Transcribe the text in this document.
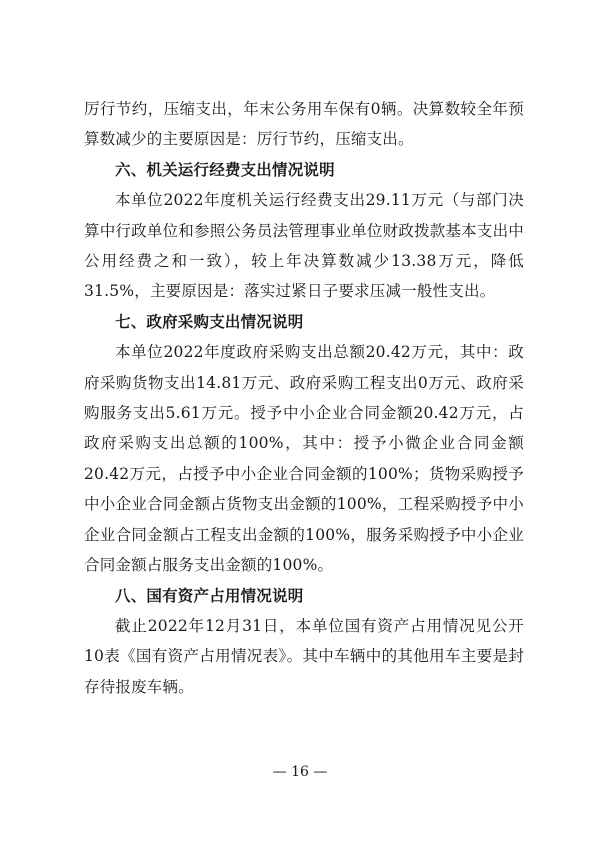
厉行节约，压缩支出，年末公务用车保有0辆。决算数较全年预算数减少的主要原因是：厉行节约，压缩支出。

六、机关运行经费支出情况说明

本单位2022年度机关运行经费支出29.11万元（与部门决算中行政单位和参照公务员法管理事业单位财政拨款基本支出中公用经费之和一致），较上年决算数减少13.38万元，降低31.5%，主要原因是：落实过紧日子要求压减一般性支出。

七、政府采购支出情况说明

本单位2022年度政府采购支出总额20.42万元，其中：政府采购货物支出14.81万元、政府采购工程支出0万元、政府采购服务支出5.61万元。授予中小企业合同金额20.42万元，占政府采购支出总额的100%，其中：授予小微企业合同金额20.42万元，占授予中小企业合同金额的100%；货物采购授予中小企业合同金额占货物支出金额的100%，工程采购授予中小企业合同金额占工程支出金额的100%，服务采购授予中小企业合同金额占服务支出金额的100%。

八、国有资产占用情况说明

截止2022年12月31日，本单位国有资产占用情况见公开10表《国有资产占用情况表》。其中车辆中的其他用车主要是封存待报废车辆。

— 16 —
